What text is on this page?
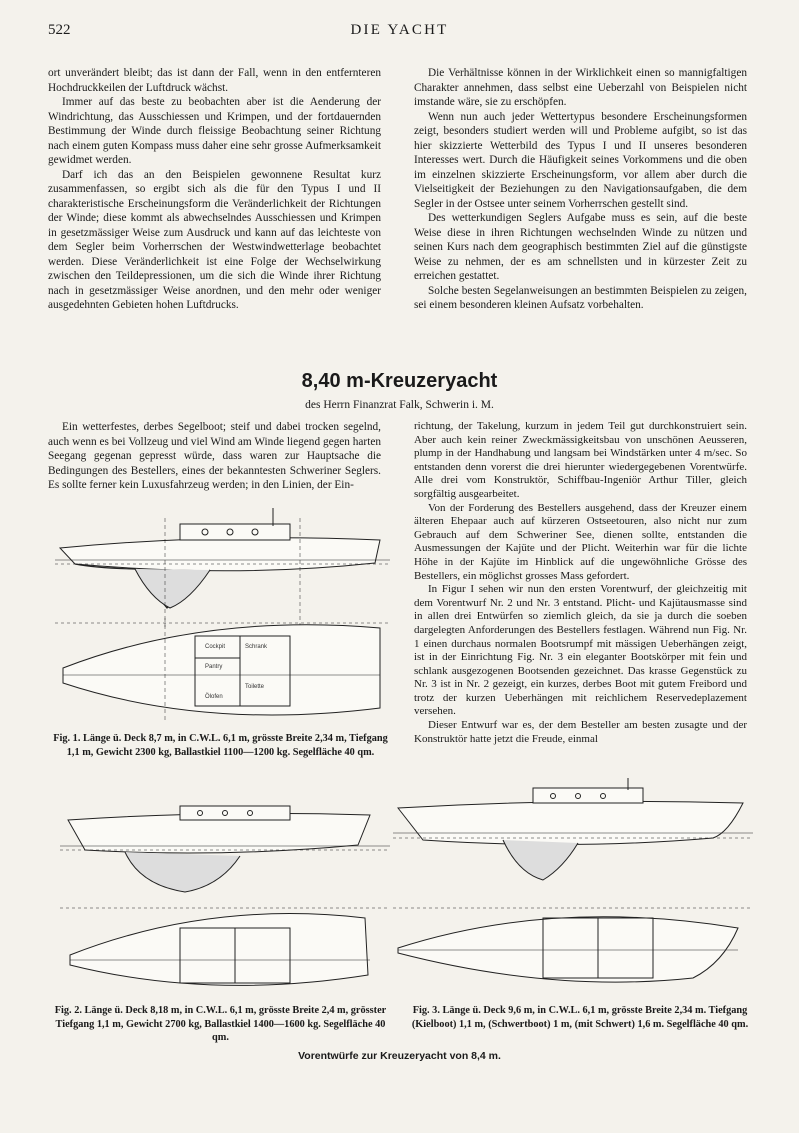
522	DIE YACHT

ort unverändert bleibt; das ist dann der Fall, wenn in den entfernteren Hochdruckkeilen der Luftdruck wächst.

Immer auf das beste zu beobachten aber ist die Aenderung der Windrichtung, das Ausschiessen und Krimpen, und der fortdauernden Bestimmung der Winde durch fleissige Beobachtung seiner Richtung nach einem guten Kompass muss daher eine sehr grosse Aufmerksamkeit gewidmet werden.

Darf ich das an den Beispielen gewonnene Resultat kurz zusammenfassen, so ergibt sich als die für den Typus I und II charakteristische Erscheinungsform die Veränderlichkeit der Richtungen der Winde; diese kommt als abwechselndes Ausschiessen und Krimpen in gesetzmässiger Weise zum Ausdruck und kann auf das leichteste von dem Segler beim Vorherrschen der Westwindwetterlage beobachtet werden. Diese Veränderlichkeit ist eine Folge der Wechselwirkung zwischen den Teildepressionen, um die sich die Winde ihrer Richtung nach in gesetzmässiger Weise anordnen, und den mehr oder weniger ausgedehnten Gebieten hohen Luftdrucks.

Die Verhältnisse können in der Wirklichkeit einen so mannigfaltigen Charakter annehmen, dass selbst eine Ueberzahl von Beispielen nicht imstande wäre, sie zu erschöpfen.

Wenn nun auch jeder Wettertypus besondere Erscheinungsformen zeigt, besonders studiert werden will und Probleme aufgibt, so ist das hier skizzierte Wetterbild des Typus I und II unseres besonderen Interesses wert. Durch die Häufigkeit seines Vorkommens und die oben im einzelnen skizzierte Erscheinungsform, vor allem aber durch die Vielseitigkeit der Beziehungen zu den Navigationsaufgaben, die dem Segler in der Ostsee unter seinem Vorherrschen gestellt sind.

Des wetterkundigen Seglers Aufgabe muss es sein, auf die beste Weise diese in ihren Richtungen wechselnden Winde zu nützen und seinen Kurs nach dem geographisch bestimmten Ziel auf die günstigste Weise zu nehmen, der es am schnellsten und in kürzester Zeit zu erreichen gestattet.

Solche besten Segelanweisungen an bestimmten Beispielen zu zeigen, sei einem besonderen kleinen Aufsatz vorbehalten.

8,40 m-Kreuzeryacht
des Herrn Finanzrat Falk, Schwerin i. M.

Ein wetterfestes, derbes Segelboot; steif und dabei trocken segelnd, auch wenn es bei Vollzeug und viel Wind am Winde liegend gegen harten Seegang gegenan gepresst würde, dass waren zur Hauptsache die Bedingungen des Bestellers, eines der bekanntesten Schweriner Seglers. Es sollte ferner kein Luxusfahrzeug werden; in den Linien, der Ein-

richtung, der Takelung, kurzum in jedem Teil gut durchkonstruiert sein. Aber auch kein reiner Zweckmässigkeitsbau von unschönen Aeusseren, plump in der Handhabung und langsam bei Windstärken unter 4 m/sec. So entstanden denn vorerst die drei hierunter wiedergegebenen Vorentwürfe. Alle drei vom Konstruktör, Schiffbau-Ingeniör Arthur Tiller, gleich sorgfältig ausgearbeitet.

Von der Forderung des Bestellers ausgehend, dass der Kreuzer einem älteren Ehepaar auch auf kürzeren Ostseetouren, also nicht nur zum Gebrauch auf dem Schweriner See, dienen sollte, entstanden die Ausmessungen der Kajüte und der Plicht. Weiterhin war für die lichte Höhe in der Kajüte im Hinblick auf die ungewöhnliche Grösse des Bestellers, ein möglichst grosses Mass gefordert.

In Figur I sehen wir nun den ersten Vorentwurf, der gleichzeitig mit dem Vorentwurf Nr. 2 und Nr. 3 entstand. Plicht- und Kajütausmasse sind in allen drei Entwürfen so ziemlich gleich, da sie ja durch die soeben dargelegten Anforderungen des Bestellers festlagen. Während nun Fig. Nr. 1 einen durchaus normalen Bootsrumpf mit mässigen Ueberhängen zeigt, ist in der Einrichtung Fig. Nr. 3 ein eleganter Bootskörper mit fein und schlank ausgezogenen Bootsenden gezeichnet. Das krasse Gegenstück zu Nr. 3 ist in Nr. 2 gezeigt, ein kurzes, derbes Boot mit gutem Freibord und trotz der kurzen Ueberhängen mit reichlichem Reservedeplazement versehen.

Dieser Entwurf war es, der dem Besteller am besten zusagte und der Konstruktör hatte jetzt die Freude, einmal

Cockpit
Pantry
Schrank
Toilette
Ölofen
Fig. 1. Länge ü. Deck 8,7 m, in C.W.L. 6,1 m, grösste Breite 2,34 m, Tiefgang 1,1 m, Gewicht 2300 kg, Ballastkiel 1100—1200 kg. Segelfläche 40 qm.
Fig. 2. Länge ü. Deck 8,18 m, in C.W.L. 6,1 m, grösste Breite 2,4 m, grösster Tiefgang 1,1 m, Gewicht 2700 kg, Ballastkiel 1400—1600 kg. Segelfläche 40 qm.
Fig. 3. Länge ü. Deck 9,6 m, in C.W.L. 6,1 m, grösste Breite 2,34 m. Tiefgang (Kielboot) 1,1 m, (Schwertboot) 1 m, (mit Schwert) 1,6 m. Segelfläche 40 qm.
Vorentwürfe zur Kreuzeryacht von 8,4 m.
